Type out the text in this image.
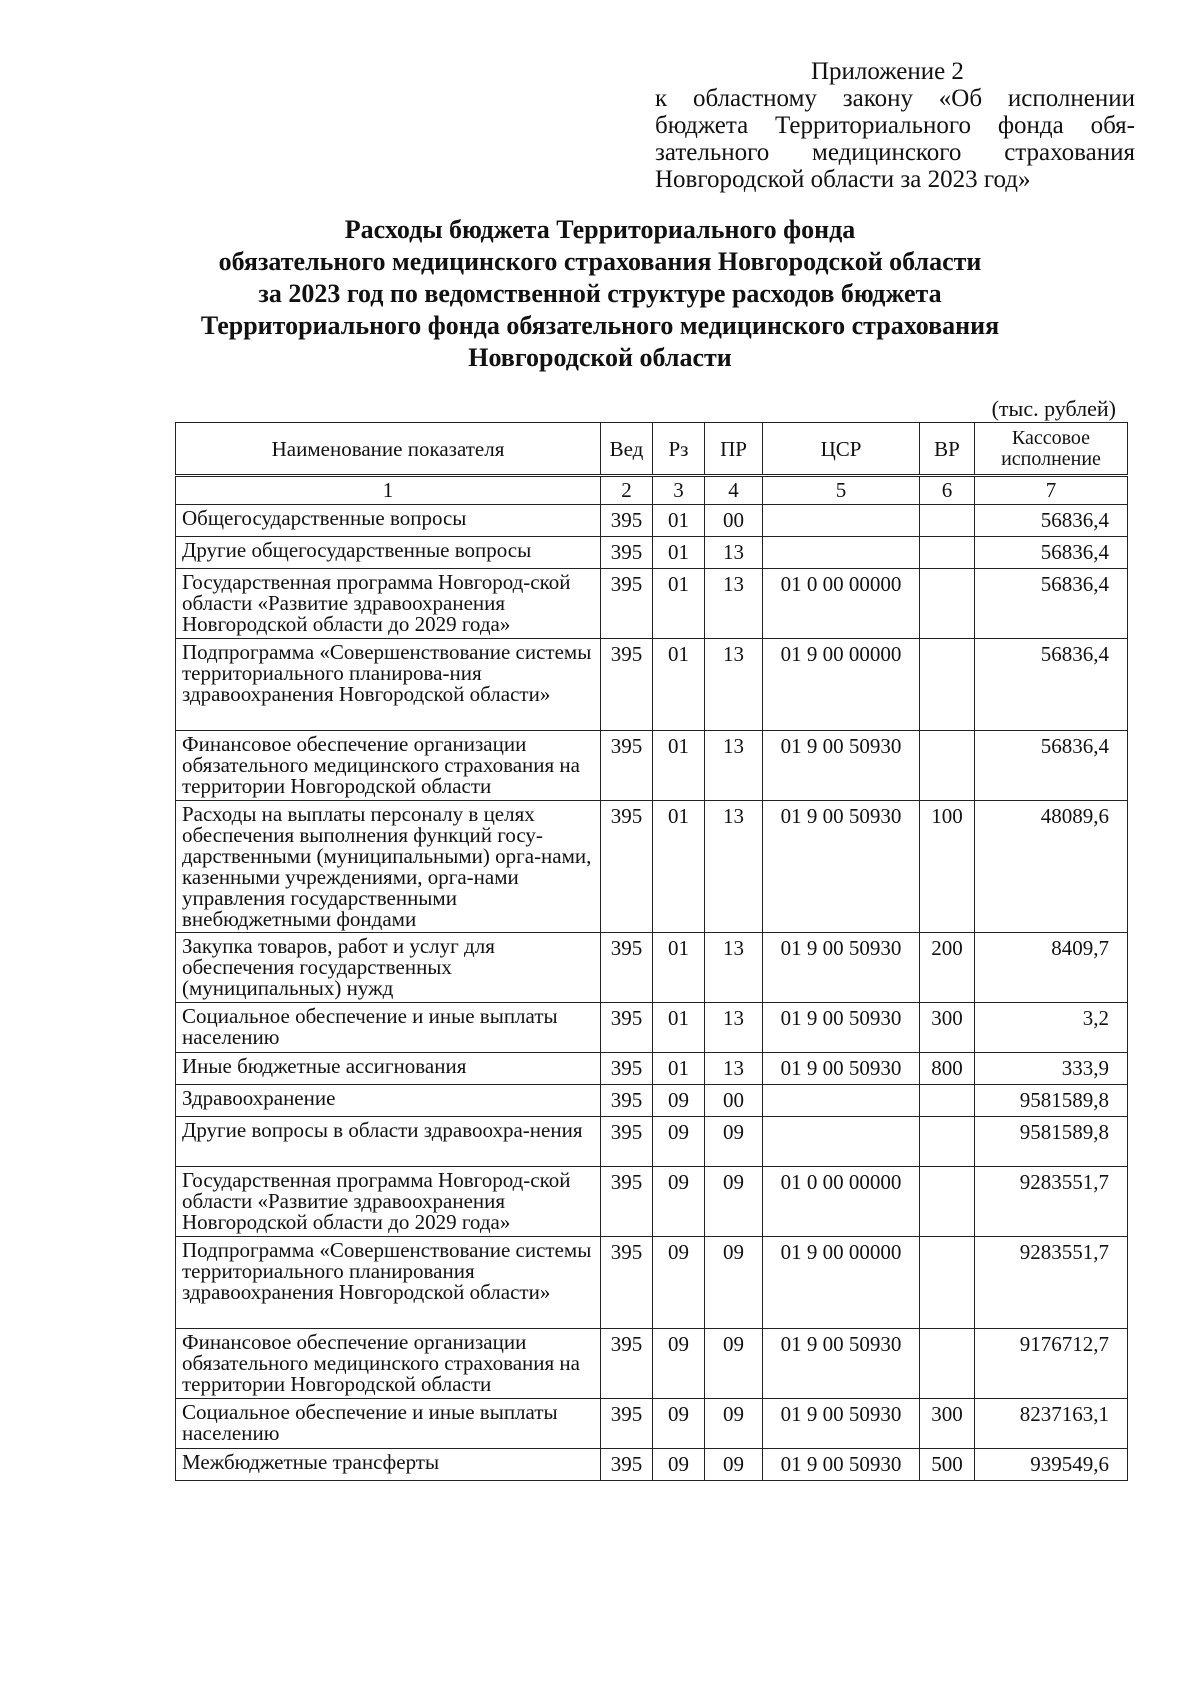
Приложение 2
к областному закону «Об исполнении
бюджета Территориального фонда обя-
зательного медицинского страхования
Новгородской области за 2023 год»
Расходы бюджета Территориального фонда
обязательного медицинского страхования Новгородской области
за 2023 год по ведомственной структуре расходов бюджета
Территориального фонда обязательного медицинского страхования
Новгородской области
(тыс. рублей)
Наименование показателя	Вед	Рз	ПР	ЦСР	ВР	Кассовое исполнение
1	2	3	4	5	6	7
Общегосударственные вопросы	395	01	00			56836,4
Другие общегосударственные вопросы	395	01	13			56836,4
Государственная программа Новгород-ской области «Развитие здравоохранения Новгородской области до 2029 года»	395	01	13	01 0 00 00000		56836,4
Подпрограмма «Совершенствование системы территориального планирова-ния здравоохранения Новгородской области»	395	01	13	01 9 00 00000		56836,4
Финансовое обеспечение организации обязательного медицинского страхования на территории Новгородской области	395	01	13	01 9 00 50930		56836,4
Расходы на выплаты персоналу в целях обеспечения выполнения функций госу-дарственными (муниципальными) орга-нами, казенными учреждениями, орга-нами управления государственными внебюджетными фондами	395	01	13	01 9 00 50930	100	48089,6
Закупка товаров, работ и услуг для обеспечения государственных (муниципальных) нужд	395	01	13	01 9 00 50930	200	8409,7
Социальное обеспечение и иные выплаты населению	395	01	13	01 9 00 50930	300	3,2
Иные бюджетные ассигнования	395	01	13	01 9 00 50930	800	333,9
Здравоохранение	395	09	00			9581589,8
Другие вопросы в области здравоохра-нения	395	09	09			9581589,8
Государственная программа Новгород-ской области «Развитие здравоохранения Новгородской области до 2029 года»	395	09	09	01 0 00 00000		9283551,7
Подпрограмма «Совершенствование системы территориального планирования здравоохранения Новгородской области»	395	09	09	01 9 00 00000		9283551,7
Финансовое обеспечение организации обязательного медицинского страхования на территории Новгородской области	395	09	09	01 9 00 50930		9176712,7
Социальное обеспечение и иные выплаты населению	395	09	09	01 9 00 50930	300	8237163,1
Межбюджетные трансферты	395	09	09	01 9 00 50930	500	939549,6
